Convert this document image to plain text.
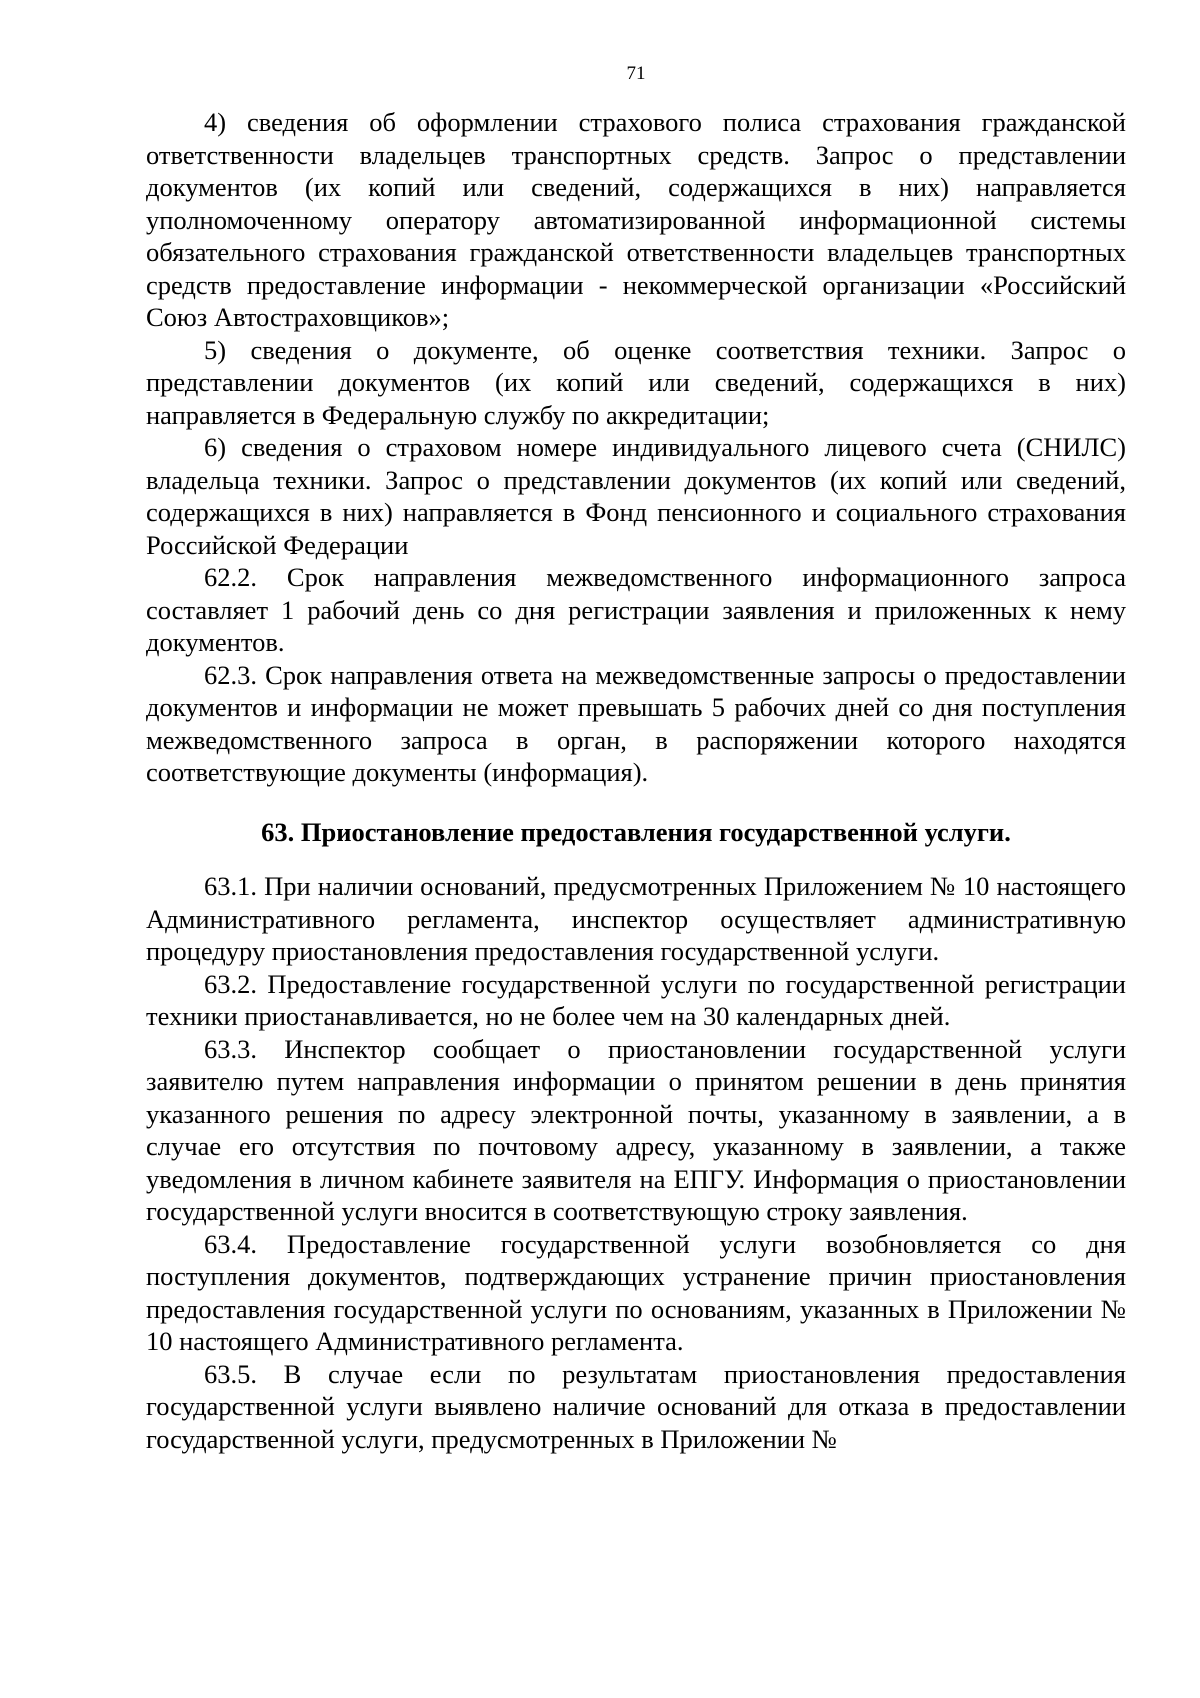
71

4) сведения об оформлении страхового полиса страхования гражданской ответственности владельцев транспортных средств. Запрос о представлении документов (их копий или сведений, содержащихся в них) направляется уполномоченному оператору автоматизированной информационной системы обязательного страхования гражданской ответственности владельцев транспортных средств предоставление информации - некоммерческой организации «Российский Союз Автостраховщиков»;

5) сведения о документе, об оценке соответствия техники. Запрос о представлении документов (их копий или сведений, содержащихся в них) направляется в Федеральную службу по аккредитации;

6) сведения о страховом номере индивидуального лицевого счета (СНИЛС) владельца техники. Запрос о представлении документов (их копий или сведений, содержащихся в них) направляется в Фонд пенсионного и социального страхования Российской Федерации

62.2. Срок направления межведомственного информационного запроса составляет 1 рабочий день со дня регистрации заявления и приложенных к нему документов.

62.3. Срок направления ответа на межведомственные запросы о предоставлении документов и информации не может превышать 5 рабочих дней со дня поступления межведомственного запроса в орган, в распоряжении которого находятся соответствующие документы (информация).

63. Приостановление предоставления государственной услуги.

63.1. При наличии оснований, предусмотренных Приложением № 10 настоящего Административного регламента, инспектор осуществляет административную процедуру приостановления предоставления государственной услуги.

63.2. Предоставление государственной услуги по государственной регистрации техники приостанавливается, но не более чем на 30 календарных дней.

63.3. Инспектор сообщает о приостановлении государственной услуги заявителю путем направления информации о принятом решении в день принятия указанного решения по адресу электронной почты, указанному в заявлении, а в случае его отсутствия по почтовому адресу, указанному в заявлении, а также уведомления в личном кабинете заявителя на ЕПГУ. Информация о приостановлении государственной услуги вносится в соответствующую строку заявления.

63.4. Предоставление государственной услуги возобновляется со дня поступления документов, подтверждающих устранение причин приостановления предоставления государственной услуги по основаниям, указанных в Приложении № 10 настоящего Административного регламента.

63.5. В случае если по результатам приостановления предоставления государственной услуги выявлено наличие оснований для отказа в предоставлении государственной услуги, предусмотренных в Приложении №
